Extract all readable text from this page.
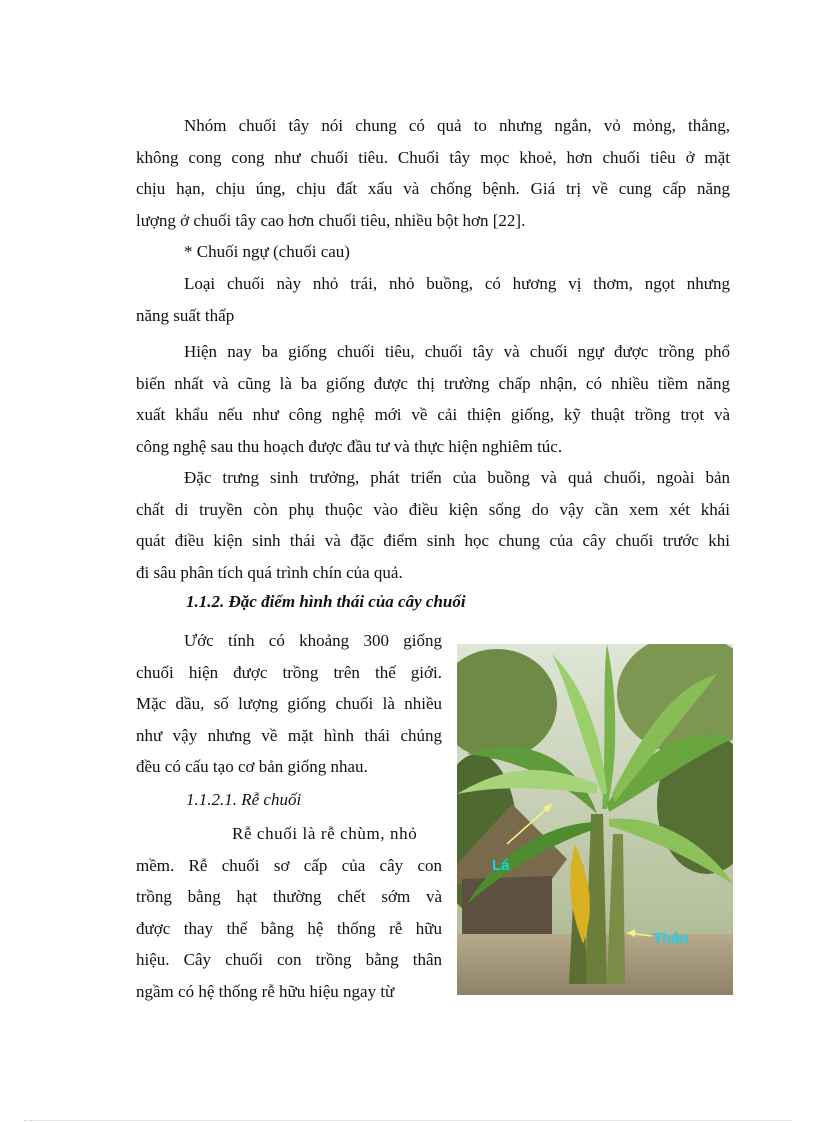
Nhóm chuối tây nói chung có quả to nhưng ngắn, vỏ mỏng, thẳng,
không cong cong như chuối tiêu. Chuối tây mọc khoẻ, hơn chuối tiêu ở mặt
chịu hạn, chịu úng, chịu đất xấu và chống bệnh. Giá trị về cung cấp năng
lượng ở chuối tây cao hơn chuối tiêu, nhiều bột hơn [22].
* Chuối ngự (chuối cau)
Loại chuối này nhỏ trái, nhỏ buồng, có hương vị thơm, ngọt nhưng
năng suất thấp
Hiện nay ba giống chuối tiêu, chuối tây và chuối ngự được trồng phổ
biến nhất và cũng là ba giống được thị trường chấp nhận, có nhiều tiềm năng
xuất khẩu nếu như công nghệ mới về cải thiện giống, kỹ thuật trồng trọt và
công nghệ sau thu hoạch được đầu tư và thực hiện nghiêm túc.
Đặc trưng sinh trưởng, phát triển của buồng và quả chuối, ngoài bản
chất di truyền còn phụ thuộc vào điều kiện sống do vậy cần xem xét khái
quát điều kiện sinh thái và đặc điểm sinh học chung của cây chuối trước khi
đi sâu phân tích quá trình chín của quả.

1.1.2. Đặc điểm hình thái của cây chuối

Ước tính có khoảng 300 giống
chuối hiện được trồng trên thế giới.
Mặc dầu, số lượng giống chuối là nhiều
như vậy nhưng về mặt hình thái chúng
đều có cấu tạo cơ bản giống nhau.

1.1.2.1. Rễ chuối

Rễ chuối là rễ chùm, nhỏ
mềm. Rễ chuối sơ cấp của cây con
trồng bằng hạt thường chết sớm và
được thay thế bằng hệ thống rễ hữu
hiệu. Cây chuối con trồng bằng thân
ngầm có hệ thống rễ hữu hiệu ngay từ
Lá
Thân
